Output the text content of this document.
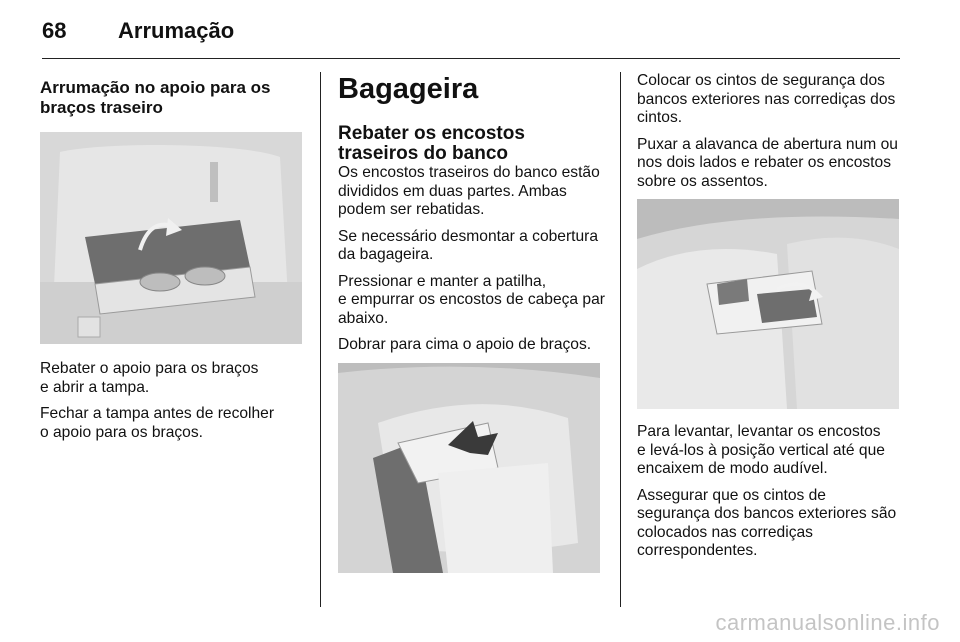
68 Arrumação
Arrumação no apoio para os braços traseiro

Rebater o apoio para os braços
e abrir a tampa.

Fechar a tampa antes de recolher
o apoio para os braços.

Bagageira
Rebater os encostos traseiros do banco

Os encostos traseiros do banco estão divididos em duas partes. Ambas podem ser rebatidas.

Se necessário desmontar a cobertura da bagageira.

Pressionar e manter a patilha,
e empurrar os encostos de cabeça par abaixo.

Dobrar para cima o apoio de braços.

Colocar os cintos de segurança dos bancos exteriores nas corrediças dos cintos.

Puxar a alavanca de abertura num ou nos dois lados e rebater os encostos sobre os assentos.

Para levantar, levantar os encostos
e levá-los à posição vertical até que encaixem de modo audível.

Assegurar que os cintos de
segurança dos bancos exteriores são colocados nas corrediças
correspondentes.

carmanualsonline.info
